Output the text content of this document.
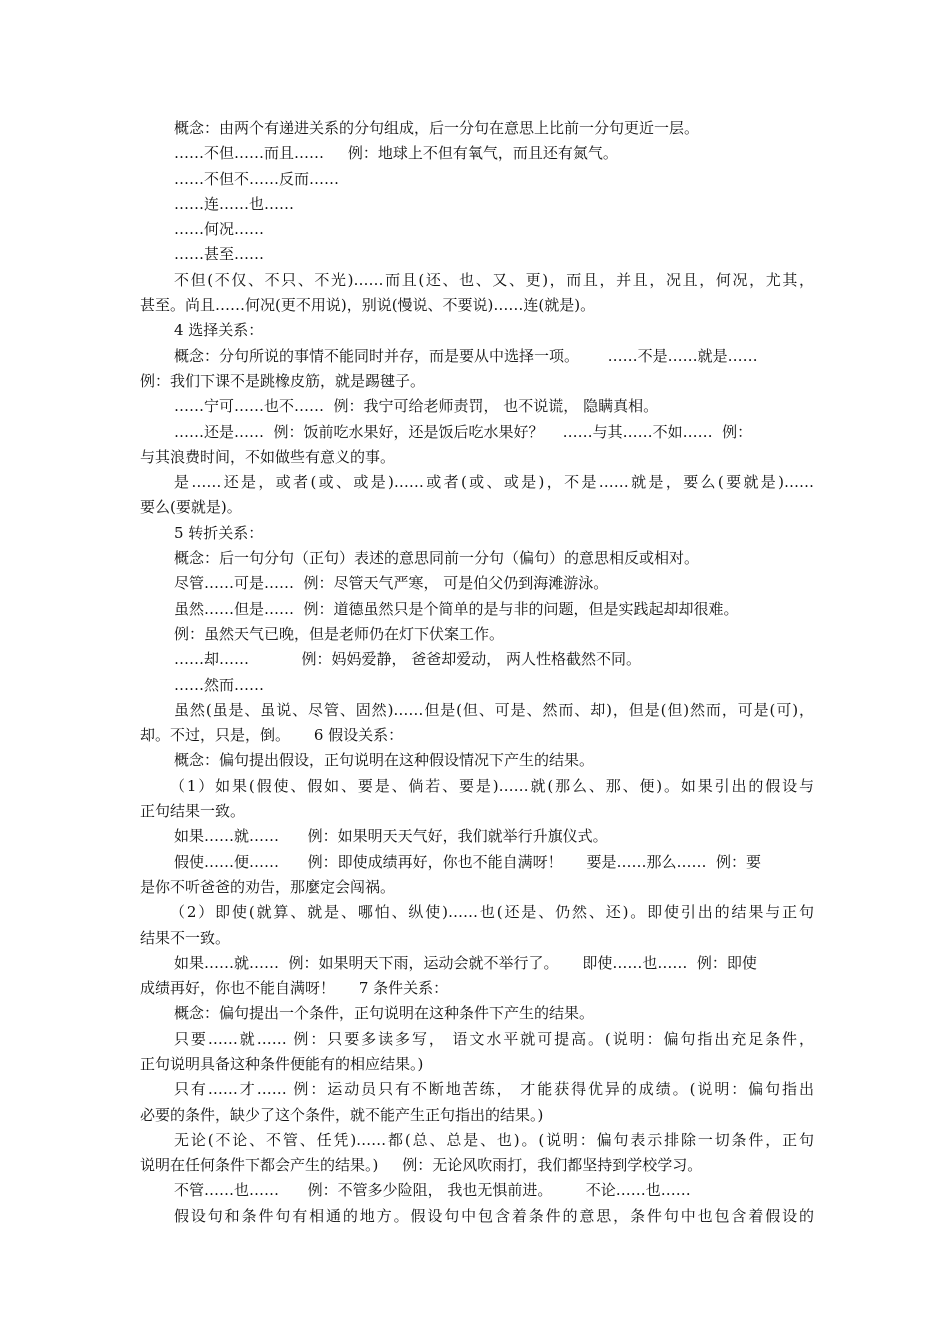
概念：由两个有递进关系的分句组成，后一分句在意思上比前一分句更近一层。
……不但……而且……     例：地球上不但有氧气，而且还有氮气。
……不但不……反而……
……连……也……
……何况……
……甚至……
不但(不仅、不只、不光)……而且(还、也、又、更)，而且，并且，况且，何况，尤其，
甚至。尚且……何况(更不用说)，别说(慢说、不要说)……连(就是)。
4 选择关系：
概念：分句所说的事情不能同时并存，而是要从中选择一项。      ……不是……就是……
例：我们下课不是跳橡皮筋，就是踢毽子。
……宁可……也不……  例：我宁可给老师责罚， 也不说谎， 隐瞒真相。
……还是……  例：饭前吃水果好，还是饭后吃水果好？    ……与其……不如……  例：
与其浪费时间，不如做些有意义的事。
是……还是，或者(或、或是)……或者(或、或是)，不是……就是，要么(要就是)……
要么(要就是)。
5 转折关系：
概念：后一句分句（正句）表述的意思同前一分句（偏句）的意思相反或相对。
尽管……可是……  例：尽管天气严寒， 可是伯父仍到海滩游泳。
虽然……但是……  例：道德虽然只是个简单的是与非的问题，但是实践起却却很难。
例：虽然天气已晚，但是老师仍在灯下伏案工作。
……却……           例：妈妈爱静， 爸爸却爱动， 两人性格截然不同。
……然而……
虽然(虽是、虽说、尽管、固然)……但是(但、可是、然而、却)，但是(但)然而，可是(可)，
却。不过，只是，倒。     6 假设关系：
概念：偏句提出假设，正句说明在这种假设情况下产生的结果。
（1）如果(假使、假如、要是、倘若、要是)……就(那么、那、便)。如果引出的假设与
正句结果一致。
如果……就……      例：如果明天天气好，我们就举行升旗仪式。
假使……便……      例：即使成绩再好，你也不能自满呀！     要是……那么……  例：要
是你不听爸爸的劝告，那麼定会闯祸。
（2）即使(就算、就是、哪怕、纵使)……也(还是、仍然、还)。即使引出的结果与正句
结果不一致。
如果……就……  例：如果明天下雨，运动会就不举行了。     即使……也……  例：即使
成绩再好，你也不能自满呀！     7 条件关系：
概念：偏句提出一个条件，正句说明在这种条件下产生的结果。
只要……就…… 例：只要多读多写， 语文水平就可提高。(说明：偏句指出充足条件，
正句说明具备这种条件便能有的相应结果。)
只有……才…… 例：运动员只有不断地苦练， 才能获得优异的成绩。(说明：偏句指出
必要的条件，缺少了这个条件，就不能产生正句指出的结果。)
无论(不论、不管、任凭)……都(总、总是、也)。(说明：偏句表示排除一切条件，正句
说明在任何条件下都会产生的结果。)     例：无论风吹雨打，我们都坚持到学校学习。
不管……也……      例：不管多少险阻， 我也无惧前进。       不论……也……
假设句和条件句有相通的地方。假设句中包含着条件的意思，条件句中也包含着假设的
